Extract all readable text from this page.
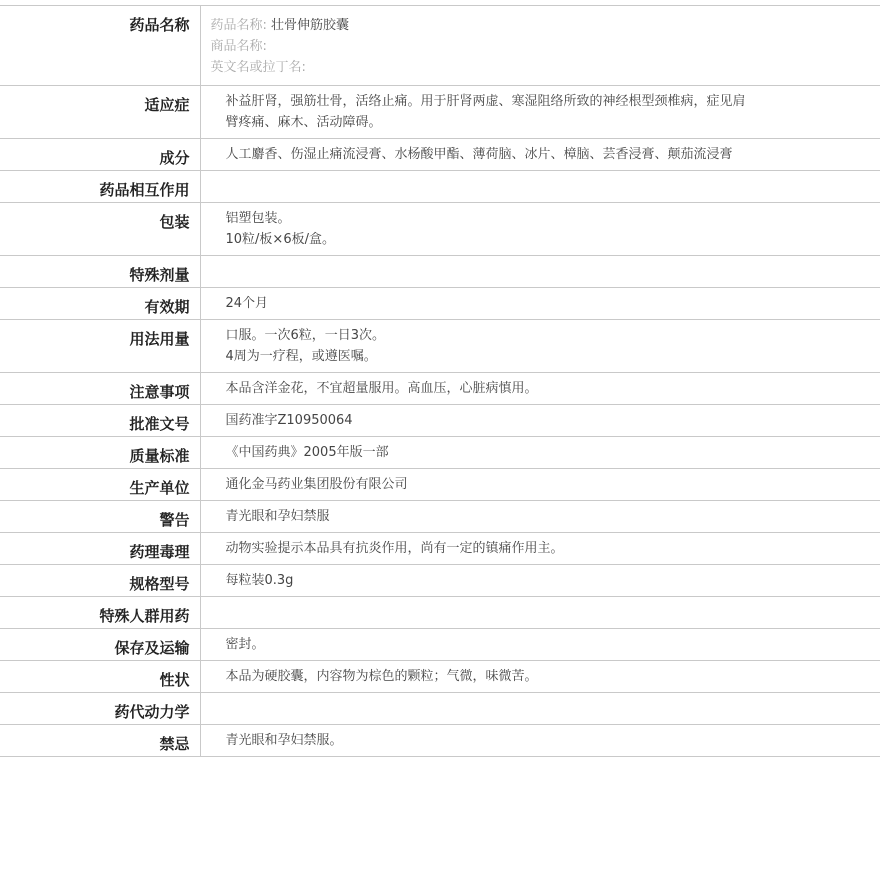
药品名称	药品名称: 壮骨伸筋胶囊
商品名称:
英文名或拉丁名:

适应症	补益肝肾，强筋壮骨，活络止痛。用于肝肾两虚、寒湿阻络所致的神经根型颈椎病，症见肩
臂疼痛、麻木、活动障碍。

成分	人工麝香、伤湿止痛流浸膏、水杨酸甲酯、薄荷脑、冰片、樟脑、芸香浸膏、颠茄流浸膏

药品相互作用	
包装	铝塑包装。
10粒/板×6板/盒。

特殊剂量	
有效期	24个月

用法用量	口服。一次6粒，一日3次。
4周为一疗程，或遵医嘱。

注意事项	本品含洋金花，不宜超量服用。高血压，心脏病慎用。

批准文号	国药准字Z10950064

质量标准	《中国药典》2005年版一部

生产单位	通化金马药业集团股份有限公司

警告	青光眼和孕妇禁服

药理毒理	动物实验提示本品具有抗炎作用，尚有一定的镇痛作用主。

规格型号	每粒装0.3g

特殊人群用药	
保存及运输	密封。

性状	本品为硬胶囊，内容物为棕色的颗粒；气微，味微苦。

药代动力学	
禁忌	青光眼和孕妇禁服。
